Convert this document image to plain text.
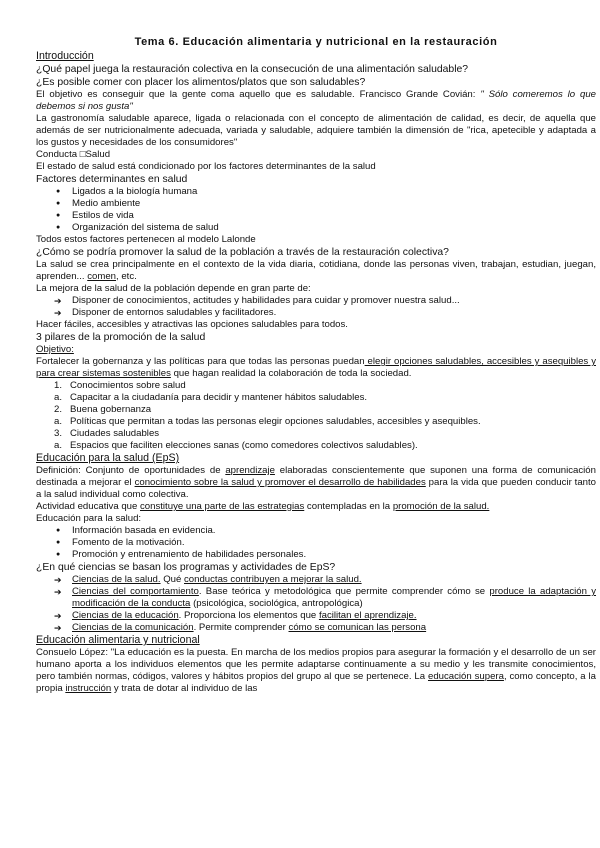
Tema 6. Educación alimentaria y nutricional en la restauración
Introducción

¿Qué papel juega la restauración colectiva en la consecución de una alimentación saludable?

¿Es posible comer con placer los alimentos/platos que son saludables?

El objetivo es conseguir que la gente coma aquello que es saludable. Francisco Grande Covián: " Sólo comeremos lo que debemos si nos gusta"

La gastronomía saludable aparece, ligada o relacionada con el concepto de alimentación de calidad, es decir, de aquella que además de ser nutricionalmente adecuada, variada y saludable, adquiere también la dimensión de "rica, apetecible y adaptada a los gustos y necesidades de los consumidores"

Conducta □Salud

El estado de salud está condicionado por los factores determinantes de la salud

Factores determinantes en salud

● Ligados a la biología humana
● Medio ambiente
● Estilos de vida
● Organización del sistema de salud

Todos estos factores pertenecen al modelo Lalonde

¿Cómo se podría promover la salud de la población a través de la restauración colectiva?

La salud se crea principalmente en el contexto de la vida diaria, cotidiana, donde las personas viven, trabajan, estudian, juegan, aprenden... comen, etc.

La mejora de la salud de la población depende en gran parte de:

➔ Disponer de conocimientos, actitudes y habilidades para cuidar y promover nuestra salud...
➔ Disponer de entornos saludables y facilitadores.

Hacer fáciles, accesibles y atractivas las opciones saludables para todos.

3 pilares de la promoción de la salud

Objetivo:

Fortalecer la gobernanza y las políticas para que todas las personas puedan elegir opciones saludables, accesibles y asequibles y para crear sistemas sostenibles que hagan realidad la colaboración de toda la sociedad.

1. Conocimientos sobre salud
a. Capacitar a la ciudadanía para decidir y mantener hábitos saludables.
2. Buena gobernanza
a. Políticas que permitan a todas las personas elegir opciones saludables, accesibles y asequibles.
3. Ciudades saludables
a. Espacios que faciliten elecciones sanas (como comedores colectivos saludables).
Educación para la salud (EpS)

Definición: Conjunto de oportunidades de aprendizaje elaboradas conscientemente que suponen una forma de comunicación destinada a mejorar el conocimiento sobre la salud y promover el desarrollo de habilidades para la vida que pueden conducir tanto a la salud individual como colectiva.

Actividad educativa que constituye una parte de las estrategias contempladas en la promoción de la salud.

Educación para la salud:

● Información basada en evidencia.
● Fomento de la motivación.
● Promoción y entrenamiento de habilidades personales.

¿En qué ciencias se basan los programas y actividades de EpS?

➔ Ciencias de la salud. Qué conductas contribuyen a mejorar la salud.
➔ Ciencias del comportamiento. Base teórica y metodológica que permite comprender cómo se produce la adaptación y modificación de la conducta (psicológica, sociológica, antropológica)
➔ Ciencias de la educación. Proporciona los elementos que facilitan el aprendizaje.
➔ Ciencias de la comunicación. Permite comprender cómo se comunican las persona
Educación alimentaria y nutricional

Consuelo López: "La educación es la puesta. En marcha de los medios propios para asegurar la formación y el desarrollo de un ser humano aporta a los individuos elementos que les permite adaptarse continuamente a su medio y les transmite conocimientos, pero también normas, códigos, valores y hábitos propios del grupo al que se pertenece. La educación supera, como concepto, a la propia instrucción y trata de dotar al individuo de las
